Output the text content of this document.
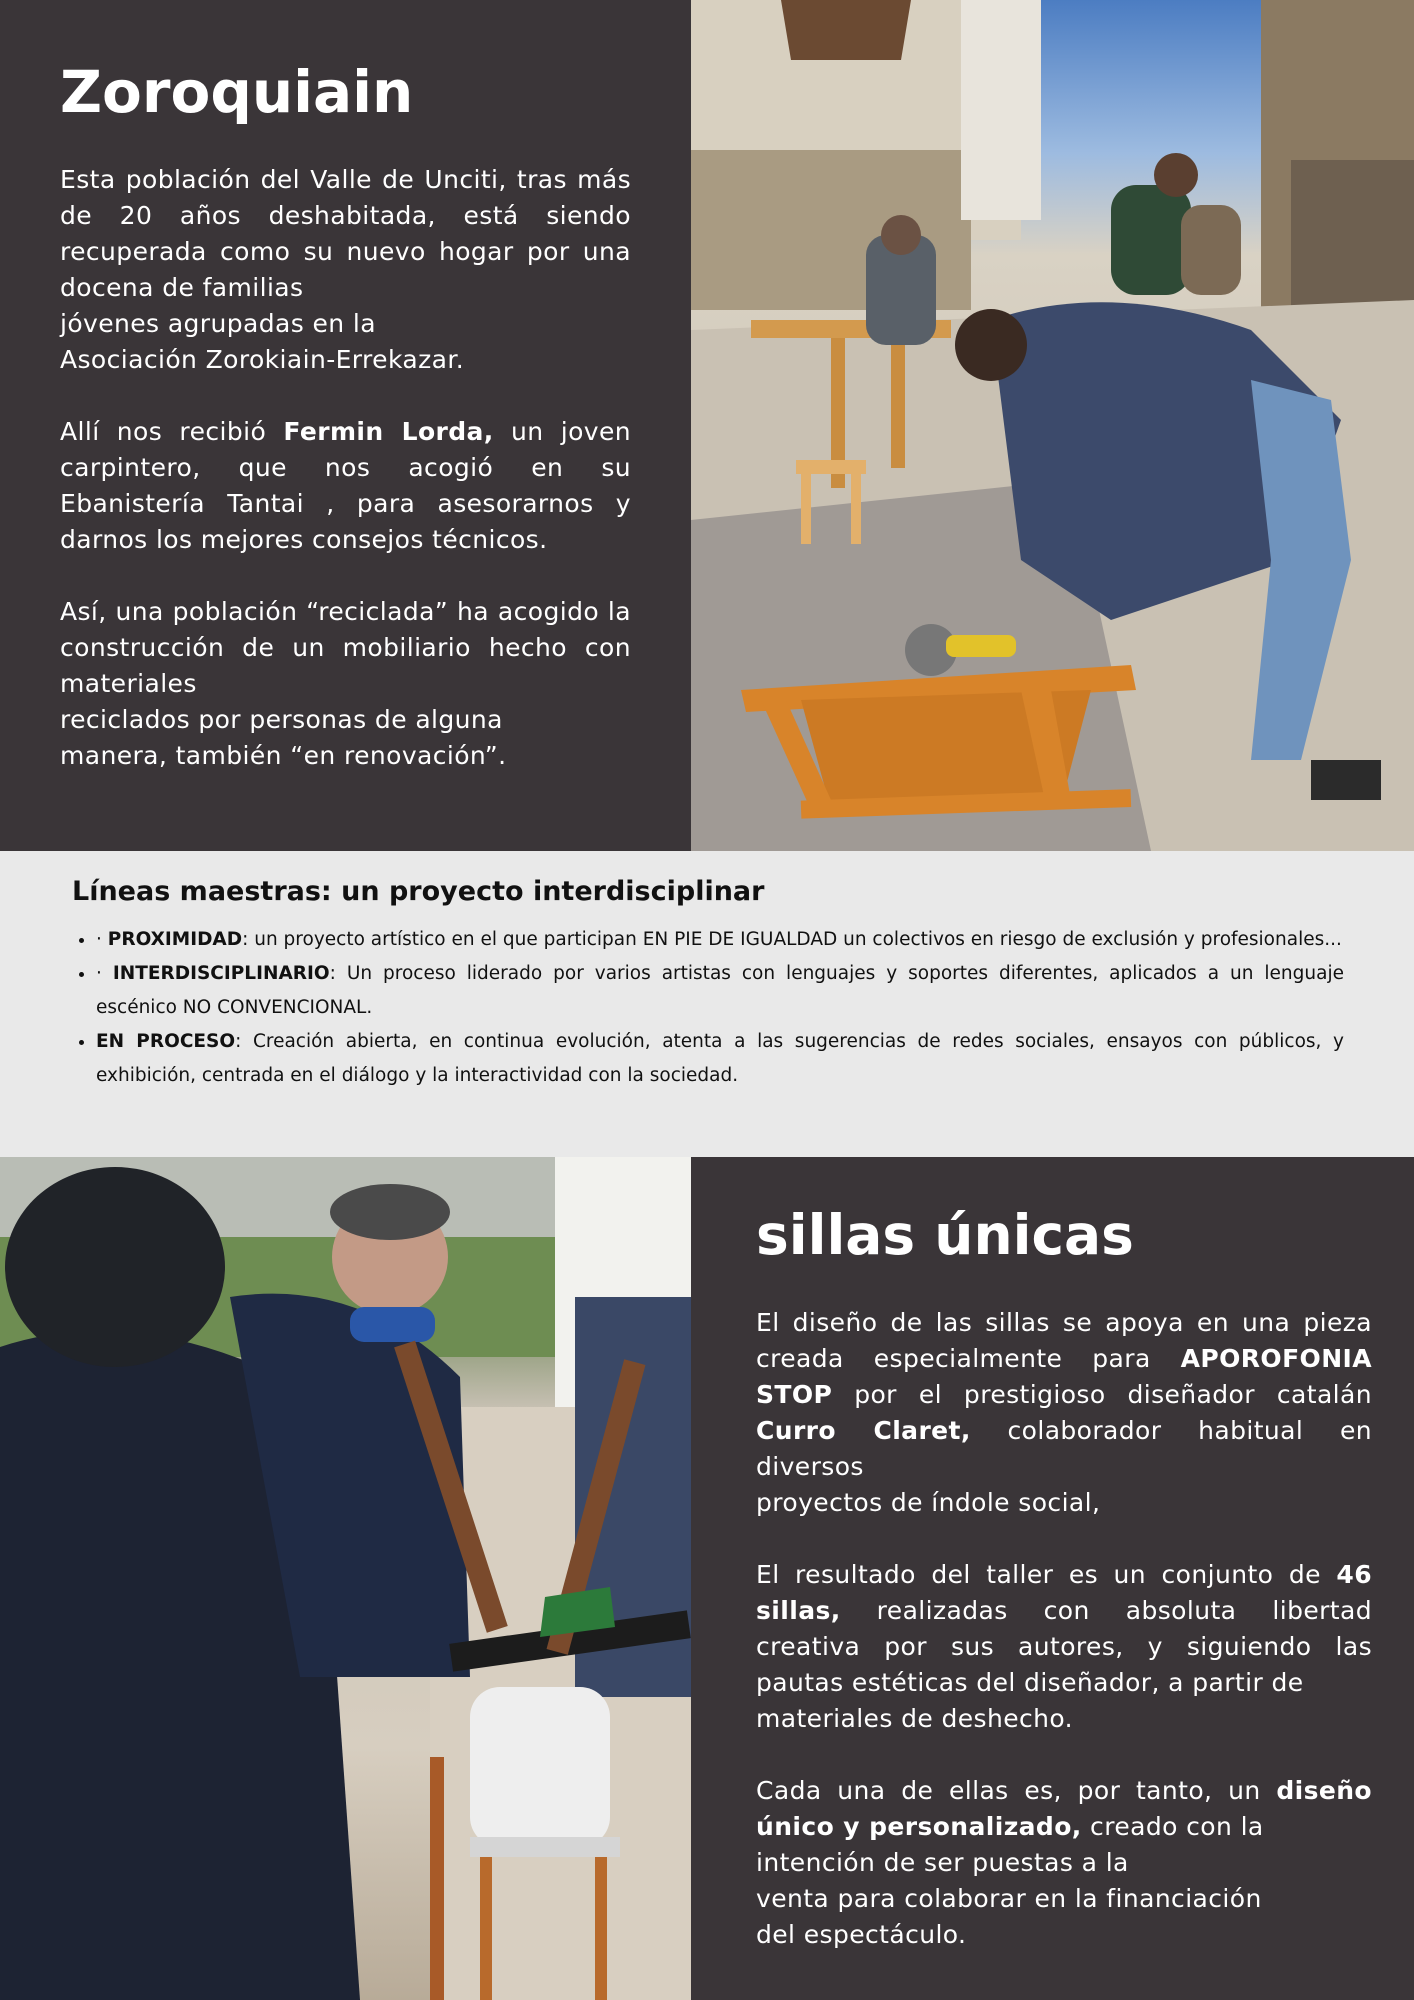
Zoroquiain

Esta población del Valle de Unciti, tras más de 20 años deshabitada, está siendo recuperada como su nuevo hogar por una docena de familias
jóvenes agrupadas en la
Asociación Zorokiain-Errekazar.

Allí nos recibió Fermin Lorda, un joven carpintero, que nos acogió en su Ebanistería Tantai , para asesorarnos y darnos los mejores consejos técnicos.

Así, una población “reciclada” ha acogido la construcción de un mobiliario hecho con materiales
reciclados por personas de alguna
manera, también “en renovación”.

Líneas maestras: un proyecto interdisciplinar
• · PROXIMIDAD: un proyecto artístico en el que participan EN PIE DE IGUALDAD un colectivos en riesgo de exclusión y profesionales...
• · INTERDISCIPLINARIO: Un proceso liderado por varios artistas con lenguajes y soportes diferentes, aplicados a un lenguaje escénico NO CONVENCIONAL.
• EN PROCESO: Creación abierta, en continua evolución, atenta a las sugerencias de redes sociales, ensayos con públicos, y exhibición, centrada en el diálogo y la interactividad con la sociedad.
sillas únicas

El diseño de las sillas se apoya en una pieza creada especialmente para APOROFONIA STOP por el prestigioso diseñador catalán Curro Claret, colaborador habitual en diversos
proyectos de índole social,

El resultado del taller es un conjunto de 46 sillas, realizadas con absoluta libertad creativa por sus autores, y siguiendo las pautas estéticas del diseñador, a partir de
materiales de deshecho.

Cada una de ellas es, por tanto, un diseño único y personalizado, creado con la
intención de ser puestas a la
venta para colaborar en la financiación
del espectáculo.
